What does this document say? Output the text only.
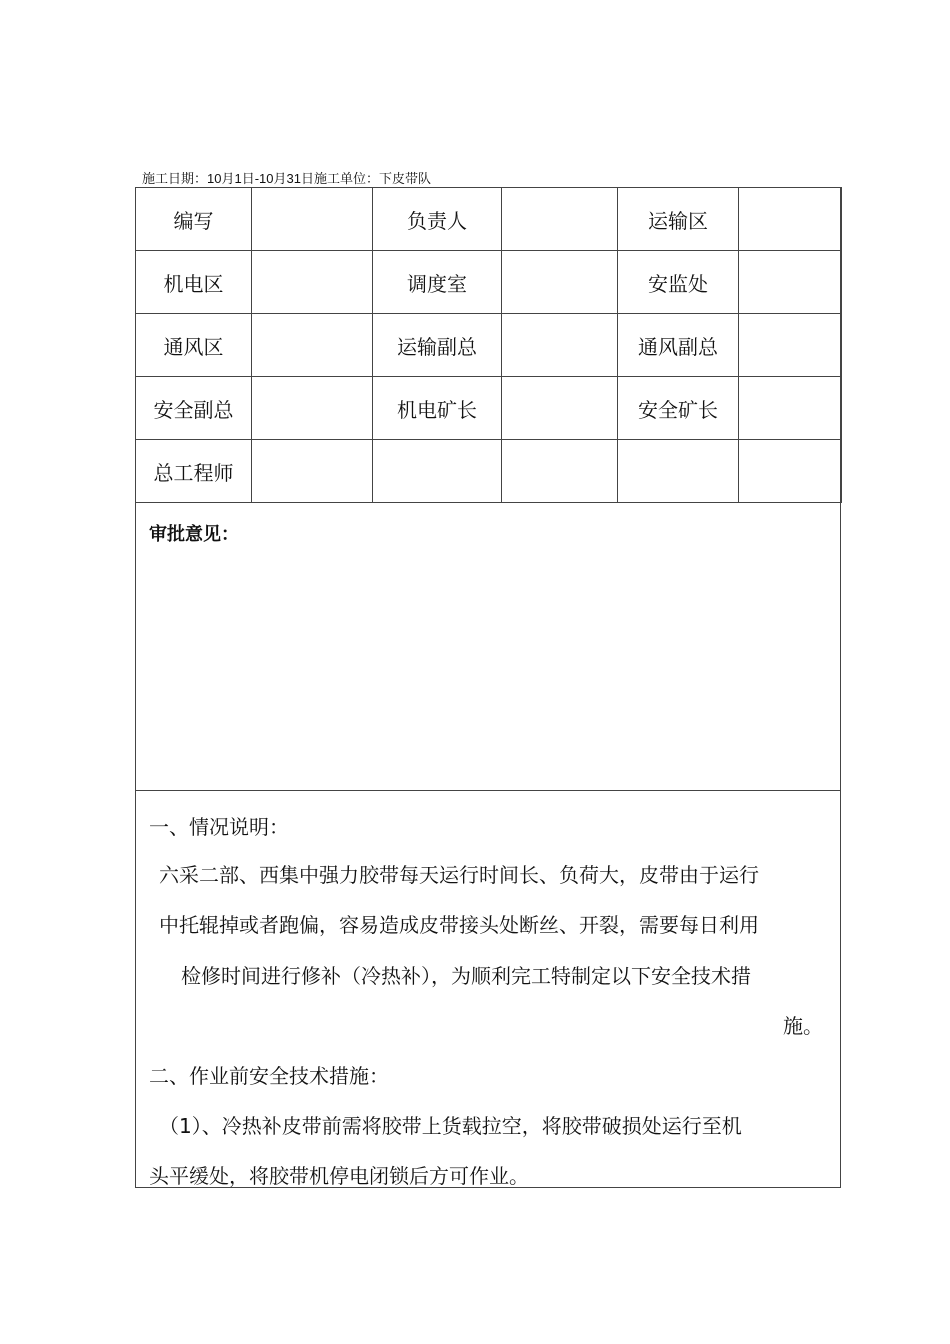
施工日期：10月1日-10月31日施工单位：下皮带队
编写		负责人		运输区	
机电区		调度室		安监处	
通风区		运输副总		通风副总	
安全副总		机电矿长		安全矿长	
总工程师					
审批意见：
一、情况说明：
六采二部、西集中强力胶带每天运行时间长、负荷大，皮带由于运行
中托辊掉或者跑偏，容易造成皮带接头处断丝、开裂，需要每日利用
检修时间进行修补（冷热补），为顺利完工特制定以下安全技术措
施。
二、作业前安全技术措施：
（1）、冷热补皮带前需将胶带上货载拉空，将胶带破损处运行至机
头平缓处，将胶带机停电闭锁后方可作业。
